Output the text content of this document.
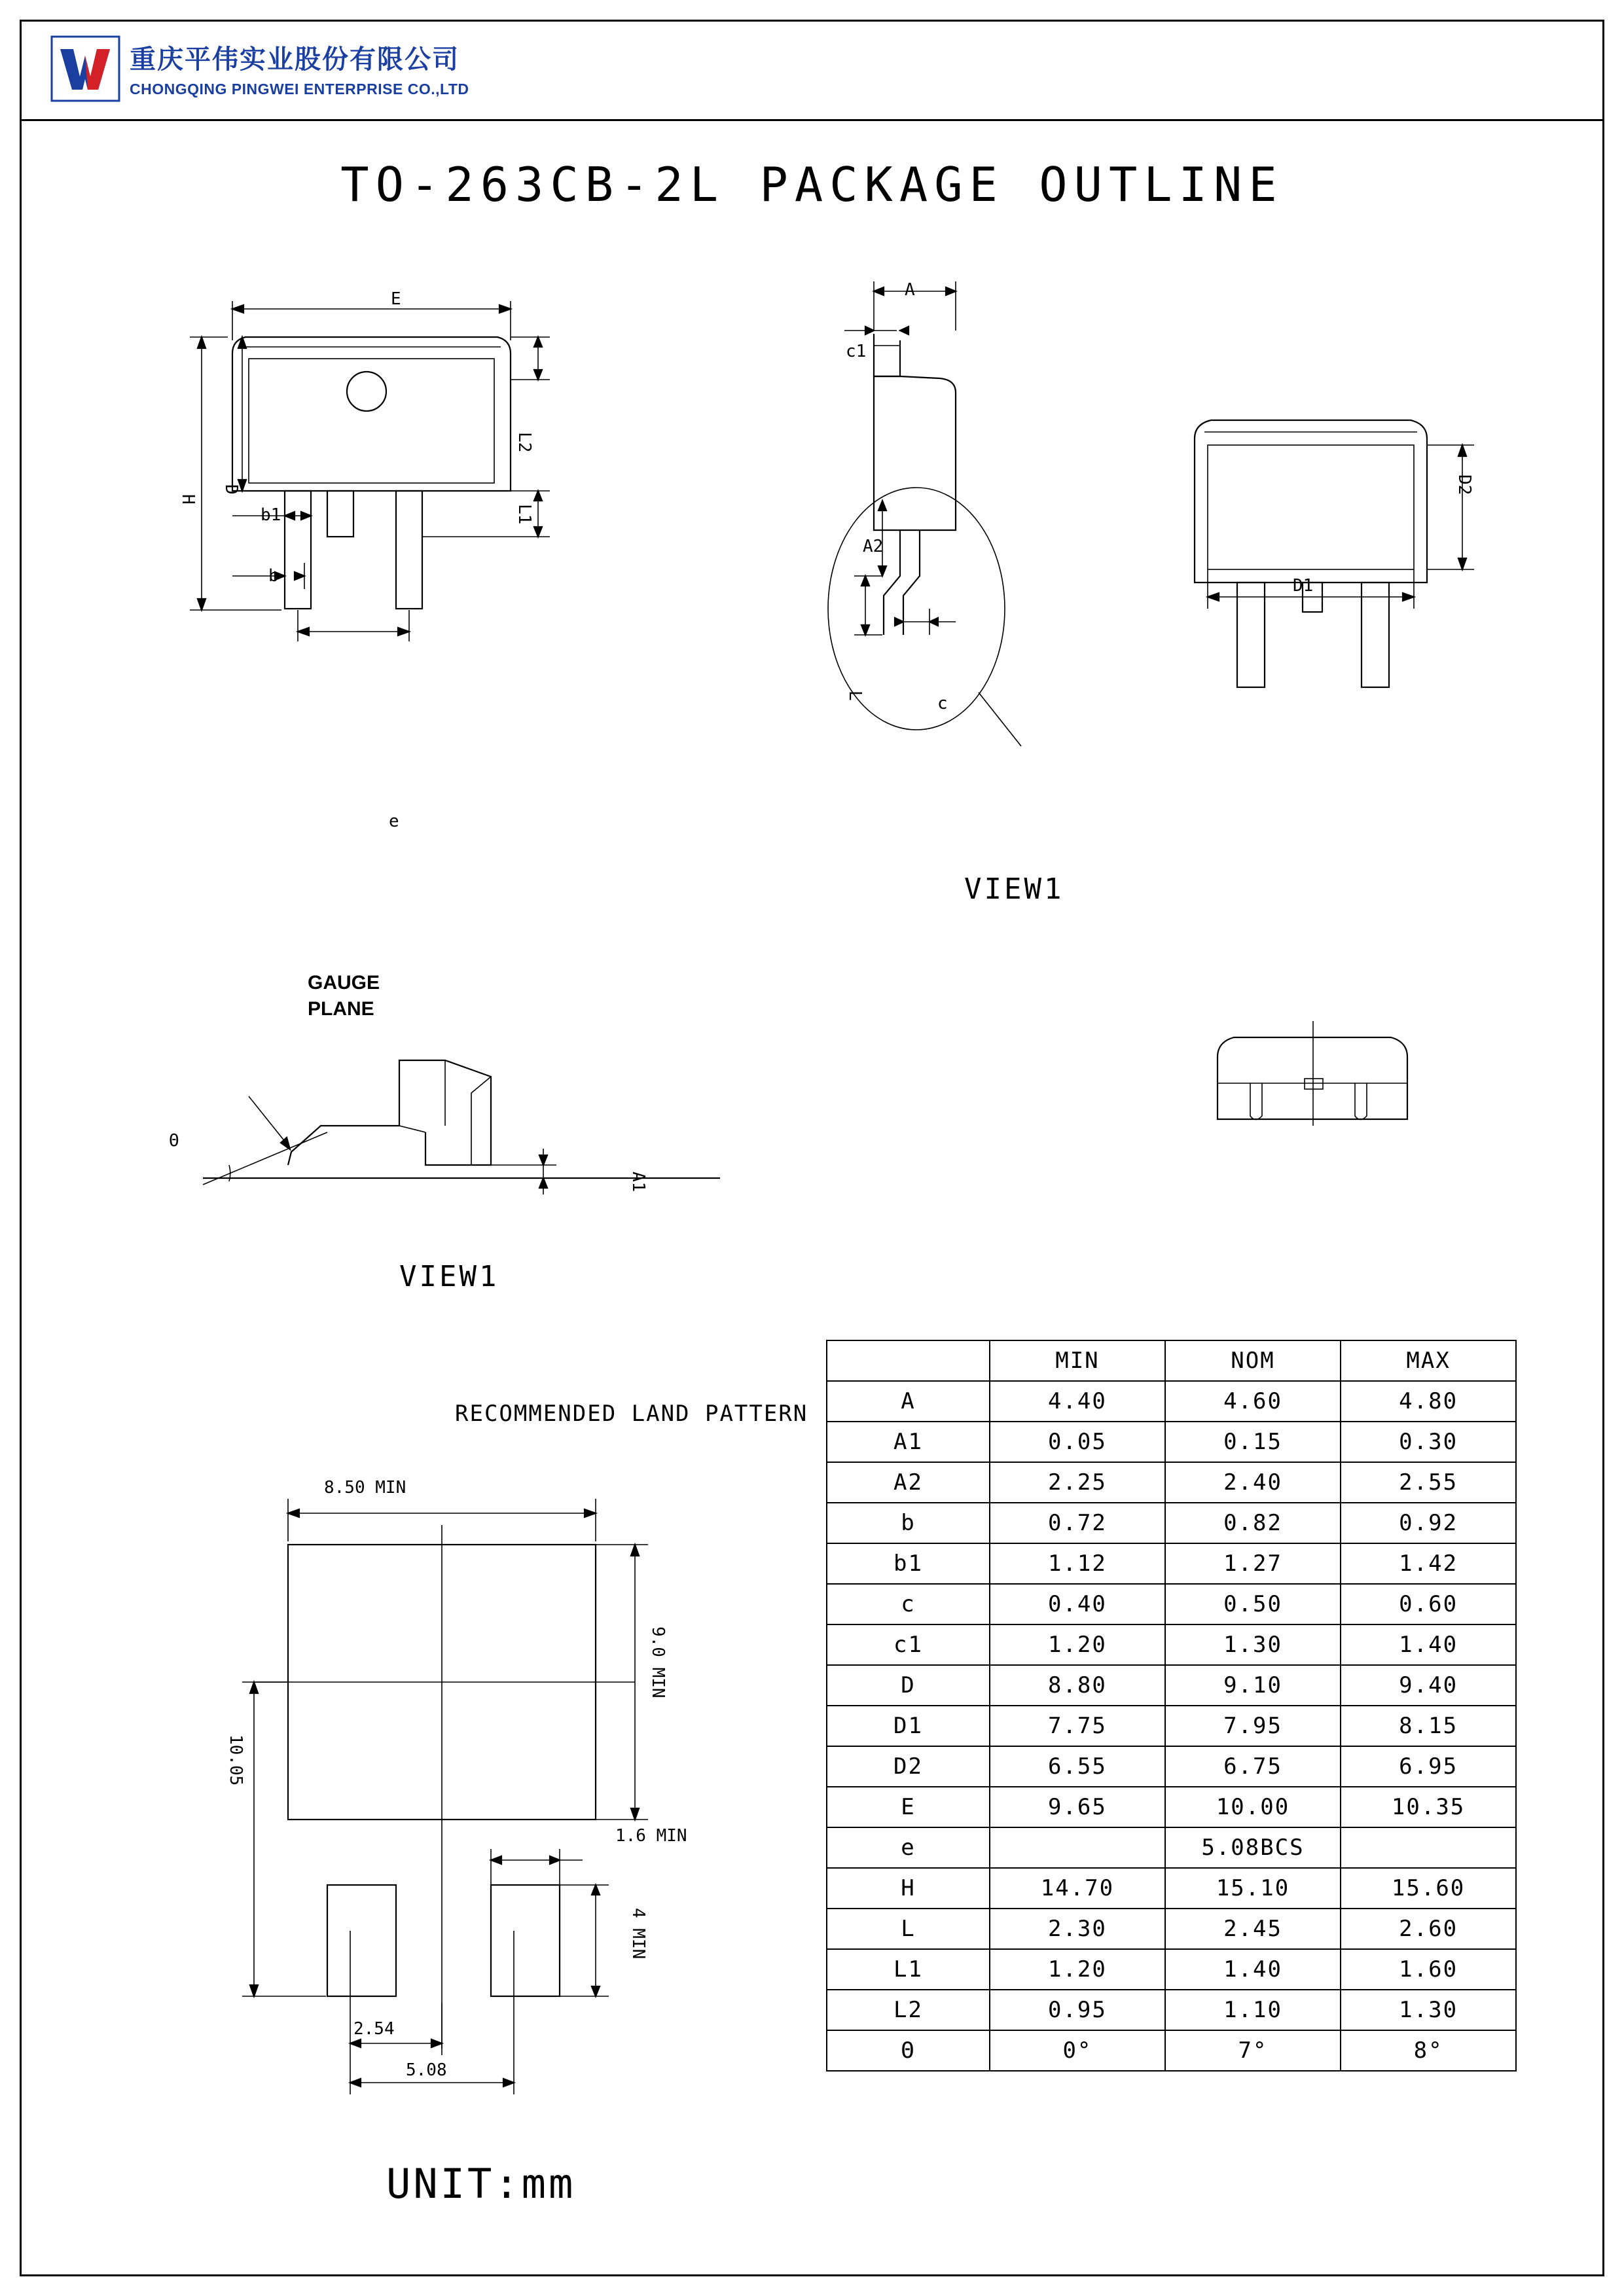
重庆平伟实业股份有限公司
CHONGQING PINGWEI ENTERPRISE CO.,LTD
TO-263CB-2L PACKAGE OUTLINE
E
H
D
L2
L1
b1
b
e
A
c1
A2
L	c
VIEW1
D2
D1
GAUGE
PLANE
Θ
A1
VIEW1
RECOMMENDED LAND PATTERN
8.50 MIN
9.0 MIN
10.05
1.6 MIN
4 MIN
2.54
5.08
	MIN	NOM	MAX
A	4.40	4.60	4.80
A1	0.05	0.15	0.30
A2	2.25	2.40	2.55
b	0.72	0.82	0.92
b1	1.12	1.27	1.42
c	0.40	0.50	0.60
c1	1.20	1.30	1.40
D	8.80	9.10	9.40
D1	7.75	7.95	8.15
D2	6.55	6.75	6.95
E	9.65	10.00	10.35
e		5.08BCS	
H	14.70	15.10	15.60
L	2.30	2.45	2.60
L1	1.20	1.40	1.60
L2	0.95	1.10	1.30
Θ	0°	7°	8°
UNIT:mm
